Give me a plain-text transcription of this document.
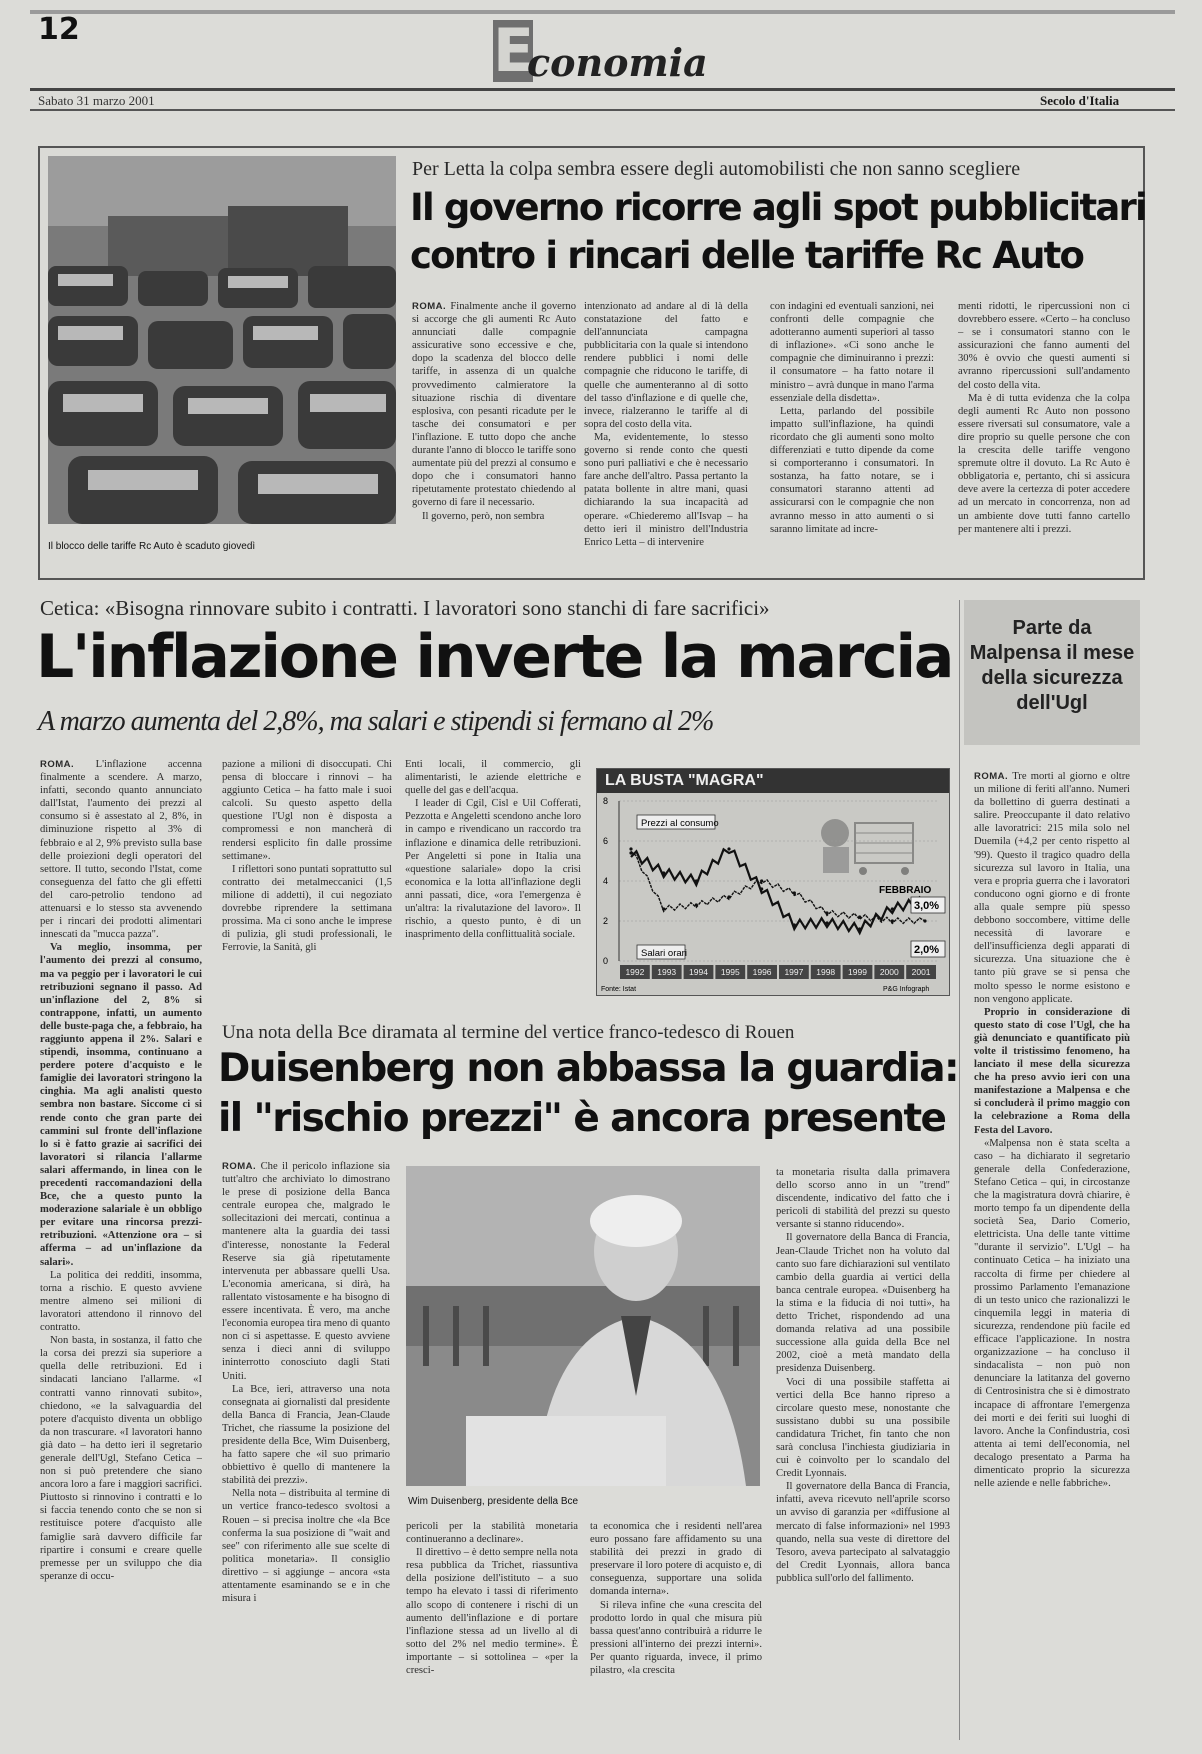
12	Economia
Sabato 31 marzo 2001	Secolo d'Italia
Il blocco delle tariffe Rc Auto è scaduto giovedì
Per Letta la colpa sembra essere degli automobilisti che non sanno scegliere
Il governo ricorre agli spot pubblicitari
contro i rincari delle tariffe Rc Auto

ROMA. Finalmente anche il governo si accorge che gli aumenti Rc Auto annunciati dalle compagnie assicurative sono eccessive e che, dopo la scadenza del blocco delle tariffe, in assenza di un qualche provvedimento calmieratore la situazione rischia di diventare esplosiva, con pesanti ricadute per le tasche dei consumatori e per l'inflazione. E tutto dopo che anche durante l'anno di blocco le tariffe sono aumentate più del prezzi al consumo e dopo che i consumatori hanno ripetutamente protestato chiedendo al governo di fare il necessario.

Il governo, però, non sembra

intenzionato ad andare al di là della constatazione del fatto e dell'annunciata campagna pubblicitaria con la quale si intendono rendere pubblici i nomi delle compagnie che riducono le tariffe, di quelle che aumenteranno al di sotto del tasso d'inflazione e di quelle che, invece, rialzeranno le tariffe al di sopra del costo della vita.

Ma, evidentemente, lo stesso governo si rende conto che questi sono puri palliativi e che è necessario fare anche dell'altro. Passa pertanto la patata bollente in altre mani, quasi dichiarando la sua incapacità ad operare. «Chiederemo all'Isvap – ha detto ieri il ministro dell'Industria Enrico Letta – di intervenire

con indagini ed eventuali sanzioni, nei confronti delle compagnie che adotteranno aumenti superiori al tasso di inflazione». «Ci sono anche le compagnie che diminuiranno i prezzi: il consumatore – ha fatto notare il ministro – avrà dunque in mano l'arma essenziale della disdetta».

Letta, parlando del possibile impatto sull'inflazione, ha quindi ricordato che gli aumenti sono molto differenziati e tutto dipende da come si comporteranno i consumatori. In sostanza, ha fatto notare, se i consumatori staranno attenti ad assicurarsi con le compagnie che non avranno messo in atto aumenti o si saranno limitate ad incre-

menti ridotti, le ripercussioni non ci dovrebbero essere. «Certo – ha concluso – se i consumatori stanno con le assicurazioni che fanno aumenti del 30% è ovvio che questi aumenti si avranno ripercussioni sull'andamento del costo della vita.

Ma è di tutta evidenza che la colpa degli aumenti Rc Auto non possono essere riversati sul consumatore, vale a dire proprio su quelle persone che con la crescita delle tariffe vengono spremute oltre il dovuto. La Rc Auto è obbligatoria e, pertanto, chi si assicura deve avere la certezza di poter accedere ad un mercato in concorrenza, non ad un ambiente dove tutti fanno cartello per mantenere alti i prezzi.

Cetica: «Bisogna rinnovare subito i contratti. I lavoratori sono stanchi di fare sacrifici»
L'inflazione inverte la marcia
A marzo aumenta del 2,8%, ma salari e stipendi si fermano al 2%

ROMA. L'inflazione accenna finalmente a scendere. A marzo, infatti, secondo quanto annunciato dall'Istat, l'aumento dei prezzi al consumo si è assestato al 2, 8%, in diminuzione rispetto al 3% di febbraio e al 2, 9% previsto sulla base delle proiezioni degli operatori del settore. Il tutto, secondo l'Istat, come conseguenza del fatto che gli effetti del caro-petrolio tendono ad attenuarsi e lo stesso sta avvenendo per i rincari dei prodotti alimentari innescati da "mucca pazza".

Va meglio, insomma, per l'aumento dei prezzi al consumo, ma va peggio per i lavoratori le cui retribuzioni segnano il passo. Ad un'inflazione del 2, 8% si contrappone, infatti, un aumento delle buste-paga che, a febbraio, ha raggiunto appena il 2%. Salari e stipendi, insomma, continuano a perdere potere d'acquisto e le famiglie dei lavoratori stringono la cinghia. Ma agli analisti questo sembra non bastare. Siccome ci si rende conto che gran parte dei cammini sul fronte dell'inflazione lo si è fatto grazie ai sacrifici dei lavoratori si rilancia l'allarme salari affermando, in linea con le precedenti raccomandazioni della Bce, che a questo punto la moderazione salariale è un obbligo per evitare una rincorsa prezzi-retribuzioni. «Attenzione ora – si afferma – ad un'inflazione da salari».

La politica dei redditi, insomma, torna a rischio. E questo avviene mentre almeno sei milioni di lavoratori attendono il rinnovo del contratto.

Non basta, in sostanza, il fatto che la corsa dei prezzi sia superiore a quella delle retribuzioni. Ed i sindacati lanciano l'allarme. «I contratti vanno rinnovati subito», chiedono, «e la salvaguardia del potere d'acquisto diventa un obbligo da non trascurare. «I lavoratori hanno già dato – ha detto ieri il segretario generale dell'Ugl, Stefano Cetica – non si può pretendere che siano ancora loro a fare i maggiori sacrifici. Piuttosto si rinnovino i contratti e lo si faccia tenendo conto che se non si restituisce potere d'acquisto alle famiglie sarà davvero difficile far ripartire i consumi e creare quelle premesse per un sviluppo che dia speranze di occu-

pazione a milioni di disoccupati. Chi pensa di bloccare i rinnovi – ha aggiunto Cetica – ha fatto male i suoi calcoli. Su questo aspetto della questione l'Ugl non è disposta a compromessi e non mancherà di rendersi esplicito fin dalle prossime settimane».

I riflettori sono puntati soprattutto sul contratto dei metalmeccanici (1,5 milione di addetti), il cui negoziato dovrebbe riprendere la settimana prossima. Ma ci sono anche le imprese di pulizia, gli studi professionali, le Ferrovie, la Sanità, gli

Enti locali, il commercio, gli alimentaristi, le aziende elettriche e quelle del gas e dell'acqua.

I leader di Cgil, Cisl e Uil Cofferati, Pezzotta e Angeletti scendono anche loro in campo e rivendicano un raccordo tra inflazione e dinamica delle retribuzioni. Per Angeletti si pone in Italia una «questione salariale» dopo la crisi economica e la lotta all'inflazione degli anni passati, dice, «ora l'emergenza è un'altra: la rivalutazione del lavoro». Il rischio, a questo punto, è di un inasprimento della conflittualità sociale.

LA BUSTA "MAGRA"
0
2
4
6
8
1992 1993 1994 1995 1996 1997 1998 1999 2000 2001
Prezzi al consumo
Salari orari
FEBBRAIO
3,0%
2,0%
Fonte: Istat	P&G Infograph
Parte da Malpensa il mese della sicurezza dell'Ugl

ROMA. Tre morti al giorno e oltre un milione di feriti all'anno. Numeri da bollettino di guerra destinati a salire. Preoccupante il dato relativo alle lavoratrici: 215 mila solo nel Duemila (+4,2 per cento rispetto al '99). Questo il tragico quadro della sicurezza sul lavoro in Italia, una vera e propria guerra che i lavoratori conducono ogni giorno e di fronte alla quale sempre più spesso debbono soccombere, vittime delle necessità di lavorare e dell'insufficienza degli apparati di sicurezza. Una situazione che è tanto più grave se si pensa che molto spesso le norme esistono e non vengono applicate.

Proprio in considerazione di questo stato di cose l'Ugl, che ha già denunciato e quantificato più volte il tristissimo fenomeno, ha lanciato il mese della sicurezza che ha preso avvio ieri con una manifestazione a Malpensa e che si concluderà il primo maggio con la celebrazione a Roma della Festa del Lavoro.

«Malpensa non è stata scelta a caso – ha dichiarato il segretario generale della Confederazione, Stefano Cetica – qui, in circostanze che la magistratura dovrà chiarire, è morto tempo fa un dipendente della società Sea, Dario Comerio, elettricista. Una delle tante vittime "durante il servizio". L'Ugl – ha continuato Cetica – ha iniziato una raccolta di firme per chiedere al prossimo Parlamento l'emanazione di un testo unico che razionalizzi le cinquemila leggi in materia di sicurezza, rendendone più facile ed efficace l'applicazione. In nostra organizzazione – ha concluso il sindacalista – non può non denunciare la latitanza del governo di Centrosinistra che si è dimostrato incapace di affrontare l'emergenza dei morti e dei feriti sui luoghi di lavoro. Anche la Confindustria, così attenta ai temi dell'economia, nel decalogo presentato a Parma ha dimenticato proprio la sicurezza nelle aziende e nelle fabbriche».

Una nota della Bce diramata al termine del vertice franco-tedesco di Rouen
Duisenberg non abbassa la guardia:
il "rischio prezzi" è ancora presente

ROMA. Che il pericolo inflazione sia tutt'altro che archiviato lo dimostrano le prese di posizione della Banca centrale europea che, malgrado le sollecitazioni dei mercati, continua a mantenere alta la guardia dei tassi d'interesse, nonostante la Federal Reserve sia già ripetutamente intervenuta per abbassare quelli Usa. L'economia americana, si dirà, ha rallentato vistosamente e ha bisogno di essere incentivata. È vero, ma anche l'economia europea tira meno di quanto non ci si aspettasse. E questo avviene senza i dieci anni di sviluppo ininterrotto conosciuto dagli Stati Uniti.

La Bce, ieri, attraverso una nota consegnata ai giornalisti dal presidente della Banca di Francia, Jean-Claude Trichet, che riassume la posizione del presidente della Bce, Wim Duisenberg, ha fatto sapere che «il suo primario obbiettivo è quello di mantenere la stabilità dei prezzi».

Nella nota – distribuita al termine di un vertice franco-tedesco svoltosi a Rouen – si precisa inoltre che «la Bce conferma la sua posizione di "wait and see" con riferimento alle sue scelte di politica monetaria». Il consiglio direttivo – si aggiunge – ancora «sta attentamente esaminando se e in che misura i

Wim Duisenberg, presidente della Bce

pericoli per la stabilità monetaria continueranno a declinare».

Il direttivo – è detto sempre nella nota resa pubblica da Trichet, riassuntiva della posizione dell'istituto – a suo tempo ha elevato i tassi di riferimento allo scopo di contenere i rischi di un aumento dell'inflazione e di portare l'inflazione stessa ad un livello al di sotto del 2% nel medio termine». È importante – si sottolinea – «per la cresci-

ta economica che i residenti nell'area euro possano fare affidamento su una stabilità dei prezzi in grado di preservare il loro potere di acquisto e, di conseguenza, supportare una solida domanda interna».

Si rileva infine che «una crescita del prodotto lordo in qual che misura più bassa quest'anno contribuirà a ridurre le pressioni all'interno dei prezzi interni». Per quanto riguarda, invece, il primo pilastro, «la crescita

ta monetaria risulta dalla primavera dello scorso anno in un "trend" discendente, indicativo del fatto che i pericoli di stabilità del prezzi su questo versante si stanno riducendo».

Il governatore della Banca di Francia, Jean-Claude Trichet non ha voluto dal canto suo fare dichiarazioni sul ventilato cambio della guardia ai vertici della banca centrale europea. «Duisenberg ha la stima e la fiducia di noi tutti», ha detto Trichet, rispondendo ad una domanda relativa ad una possibile successione alla guida della Bce nel 2002, cioè a metà mandato della presidenza Duisenberg.

Voci di una possibile staffetta ai vertici della Bce hanno ripreso a circolare questo mese, nonostante che sussistano dubbi su una possibile candidatura Trichet, fin tanto che non sarà conclusa l'inchiesta giudiziaria in cui è coinvolto per lo scandalo del Credit Lyonnais.

Il governatore della Banca di Francia, infatti, aveva ricevuto nell'aprile scorso un avviso di garanzia per «diffusione al mercato di false informazioni» nel 1993 quando, nella sua veste di direttore del Tesoro, aveva partecipato al salvataggio del Credit Lyonnais, allora banca pubblica sull'orlo del fallimento.
